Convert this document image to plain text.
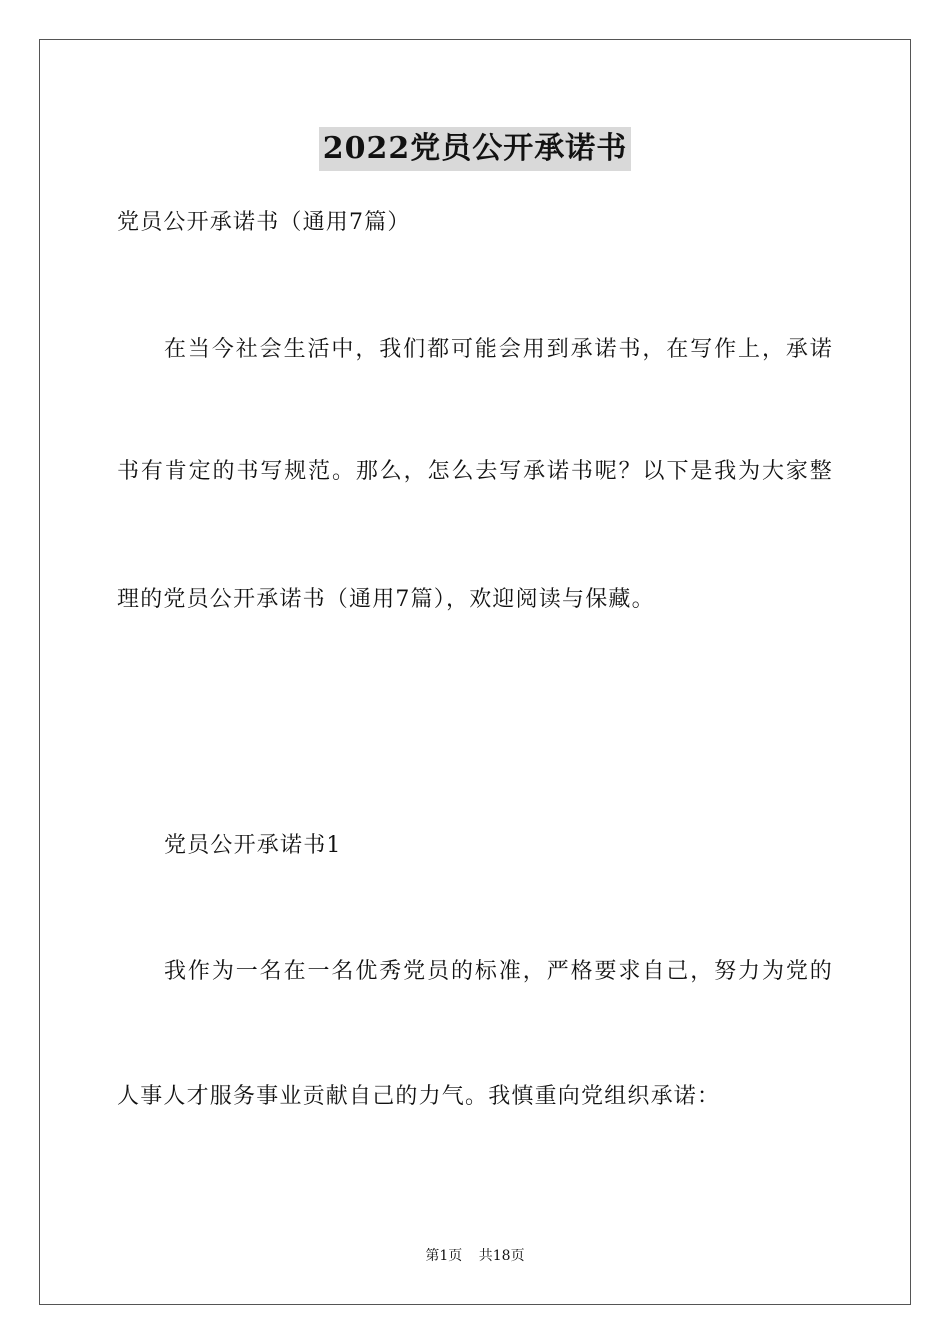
2022党员公开承诺书
党员公开承诺书（通用7篇）
在当今社会生活中，我们都可能会用到承诺书，在写作上，承诺
书有肯定的书写规范。那么，怎么去写承诺书呢？以下是我为大家整
理的党员公开承诺书（通用7篇），欢迎阅读与保藏。
党员公开承诺书1
我作为一名在一名优秀党员的标准，严格要求自己，努力为党的
人事人才服务事业贡献自己的力气。我慎重向党组织承诺：
第1页 共18页
